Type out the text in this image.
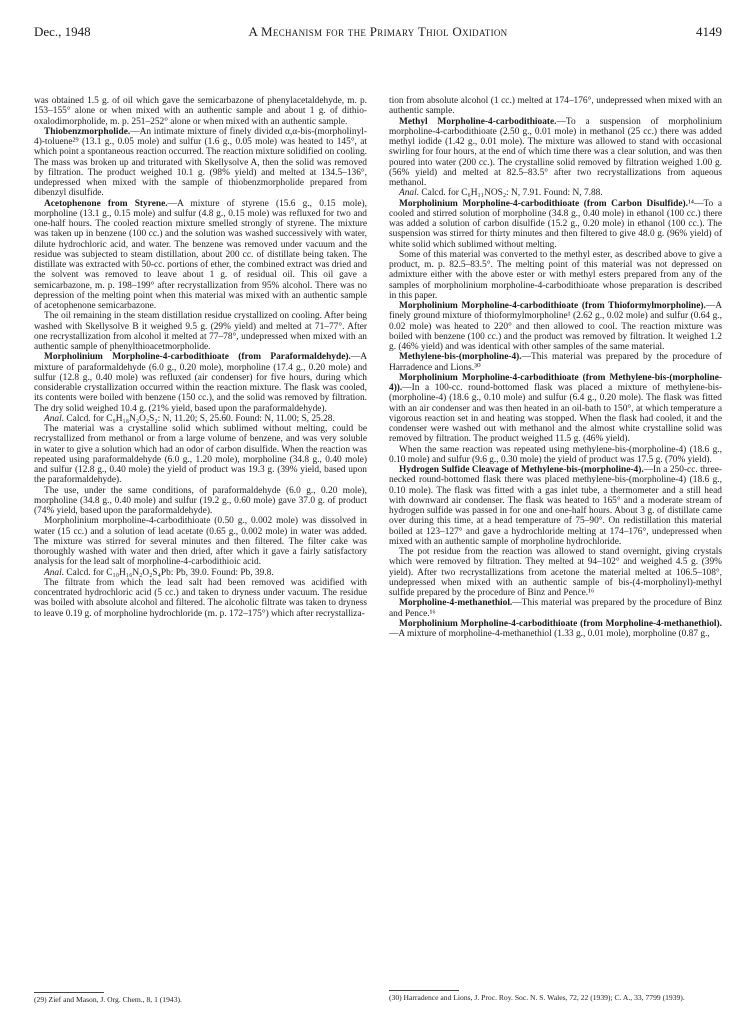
Dec., 1948	A Mechanism for the Primary Thiol Oxidation	4149

was obtained 1.5 g. of oil which gave the semicarbazone of phenylacetaldehyde, m. p. 153–155° alone or when mixed with an authentic sample and about 1 g. of dithio-oxalodimorpholide, m. p. 251–252° alone or when mixed with an authentic sample.

Thiobenzmorpholide.—An intimate mixture of finely divided α,α-bis-(morpholinyl-4)-toluene²⁹ (13.1 g., 0.05 mole) and sulfur (1.6 g., 0.05 mole) was heated to 145°, at which point a spontaneous reaction occurred. The reaction mixture solidified on cooling. The mass was broken up and triturated with Skellysolve A, then the solid was removed by filtration. The product weighed 10.1 g. (98% yield) and melted at 134.5–136°, undepressed when mixed with the sample of thiobenzmorpholide prepared from dibenzyl disulfide.

Acetophenone from Styrene.—A mixture of styrene (15.6 g., 0.15 mole), morpholine (13.1 g., 0.15 mole) and sulfur (4.8 g., 0.15 mole) was refluxed for two and one-half hours. The cooled reaction mixture smelled strongly of styrene. The mixture was taken up in benzene (100 cc.) and the solution was washed successively with water, dilute hydrochloric acid, and water. The benzene was removed under vacuum and the residue was subjected to steam distillation, about 200 cc. of distillate being taken. The distillate was extracted with 50-cc. portions of ether, the combined extract was dried and the solvent was removed to leave about 1 g. of residual oil. This oil gave a semicarbazone, m. p. 198–199° after recrystallization from 95% alcohol. There was no depression of the melting point when this material was mixed with an authentic sample of acetophenone semicarbazone.

The oil remaining in the steam distillation residue crystallized on cooling. After being washed with Skellysolve B it weighed 9.5 g. (29% yield) and melted at 71–77°. After one recrystallization from alcohol it melted at 77–78°, undepressed when mixed with an authentic sample of phenylthioacetmorpholide.

Morpholinium Morpholine-4-carbodithioate (from Paraformaldehyde).—A mixture of paraformaldehyde (6.0 g., 0.20 mole), morpholine (17.4 g., 0.20 mole) and sulfur (12.8 g., 0.40 mole) was refluxed (air condenser) for five hours, during which considerable crystallization occurred within the reaction mixture. The flask was cooled, its contents were boiled with benzene (150 cc.), and the solid was removed by filtration. The dry solid weighed 10.4 g. (21% yield, based upon the paraformaldehyde).

Anal. Calcd. for C₉H₁₈N₂O₂S₂: N, 11.20; S, 25.60. Found: N, 11.00; S, 25.28.

The material was a crystalline solid which sublimed without melting, could be recrystallized from methanol or from a large volume of benzene, and was very soluble in water to give a solution which had an odor of carbon disulfide. When the reaction was repeated using paraformaldehyde (6.0 g., 1.20 mole), morpholine (34.8 g., 0.40 mole) and sulfur (12.8 g., 0.40 mole) the yield of product was 19.3 g. (39% yield, based upon the paraformaldehyde).

The use, under the same conditions, of paraformaldehyde (6.0 g., 0.20 mole), morpholine (34.8 g., 0.40 mole) and sulfur (19.2 g., 0.60 mole) gave 37.0 g. of product (74% yield, based upon the paraformaldehyde).

Morpholinium morpholine-4-carbodithioate (0.50 g., 0.002 mole) was dissolved in water (15 cc.) and a solution of lead acetate (0.65 g., 0.002 mole) in water was added. The mixture was stirred for several minutes and then filtered. The filter cake was thoroughly washed with water and then dried, after which it gave a fairly satisfactory analysis for the lead salt of morpholine-4-carbodithioic acid.

Anal. Calcd. for C₁₀H₁₆N₂O₂S₄Pb: Pb, 39.0. Found: Pb, 39.8.

The filtrate from which the lead salt had been removed was acidified with concentrated hydrochloric acid (5 cc.) and taken to dryness under vacuum. The residue was boiled with absolute alcohol and filtered. The alcoholic filtrate was taken to dryness to leave 0.19 g. of morpholine hydrochloride (m. p. 172–175°) which after recrystalliza-

(29) Zief and Mason, J. Org. Chem., 8, 1 (1943).

tion from absolute alcohol (1 cc.) melted at 174–176°, undepressed when mixed with an authentic sample.

Methyl Morpholine-4-carbodithioate.—To a suspension of morpholinium morpholine-4-carbodithioate (2.50 g., 0.01 mole) in methanol (25 cc.) there was added methyl iodide (1.42 g., 0.01 mole). The mixture was allowed to stand with occasional swirling for four hours, at the end of which time there was a clear solution, and was then poured into water (200 cc.). The crystalline solid removed by filtration weighed 1.00 g. (56% yield) and melted at 82.5–83.5° after two recrystallizations from aqueous methanol.

Anal. Calcd. for C₆H₁₁NOS₂: N, 7.91. Found: N, 7.88.

Morpholinium Morpholine-4-carbodithioate (from Carbon Disulfide).¹⁴—To a cooled and stirred solution of morpholine (34.8 g., 0.40 mole) in ethanol (100 cc.) there was added a solution of carbon disulfide (15.2 g., 0.20 mole) in ethanol (100 cc.). The suspension was stirred for thirty minutes and then filtered to give 48.0 g. (96% yield) of white solid which sublimed without melting.

Some of this material was converted to the methyl ester, as described above to give a product, m. p. 82.5–83.5°. The melting point of this material was not depressed on admixture either with the above ester or with methyl esters prepared from any of the samples of morpholinium morpholine-4-carbodithioate whose preparation is described in this paper.

Morpholinium Morpholine-4-carbodithioate (from Thioformylmorpholine).—A finely ground mixture of thioformylmorpholine¹ (2.62 g., 0.02 mole) and sulfur (0.64 g., 0.02 mole) was heated to 220° and then allowed to cool. The reaction mixture was boiled with benzene (100 cc.) and the product was removed by filtration. It weighed 1.2 g. (46% yield) and was identical with other samples of the same material.

Methylene-bis-(morpholine-4).—This material was prepared by the procedure of Harradence and Lions.³⁰

Morpholinium Morpholine-4-carbodithioate (from Methylene-bis-(morpholine-4)).—In a 100-cc. round-bottomed flask was placed a mixture of methylene-bis-(morpholine-4) (18.6 g., 0.10 mole) and sulfur (6.4 g., 0.20 mole). The flask was fitted with an air condenser and was then heated in an oil-bath to 150°, at which temperature a vigorous reaction set in and heating was stopped. When the flask had cooled, it and the condenser were washed out with methanol and the almost white crystalline solid was removed by filtration. The product weighed 11.5 g. (46% yield).

When the same reaction was repeated using methylene-bis-(morpholine-4) (18.6 g., 0.10 mole) and sulfur (9.6 g., 0.30 mole) the yield of product was 17.5 g. (70% yield).

Hydrogen Sulfide Cleavage of Methylene-bis-(morpholine-4).—In a 250-cc. three-necked round-bottomed flask there was placed methylene-bis-(morpholine-4) (18.6 g., 0.10 mole). The flask was fitted with a gas inlet tube, a thermometer and a still head with downward air condenser. The flask was heated to 165° and a moderate stream of hydrogen sulfide was passed in for one and one-half hours. About 3 g. of distillate came over during this time, at a head temperature of 75–90°. On redistillation this material boiled at 123–127° and gave a hydrochloride melting at 174–176°, undepressed when mixed with an authentic sample of morpholine hydrochloride.

The pot residue from the reaction was allowed to stand overnight, giving crystals which were removed by filtration. They melted at 94–102° and weighed 4.5 g. (39% yield). After two recrystallizations from acetone the material melted at 106.5–108°, undepressed when mixed with an authentic sample of bis-(4-morpholinyl)-methyl sulfide prepared by the procedure of Binz and Pence.¹⁶

Morpholine-4-methanethiol.—This material was prepared by the procedure of Binz and Pence.¹⁶

Morpholinium Morpholine-4-carbodithioate (from Morpholine-4-methanethiol).—A mixture of morpholine-4-methanethiol (1.33 g., 0.01 mole), morpholine (0.87 g.,

(30) Harradence and Lions, J. Proc. Roy. Soc. N. S. Wales, 72, 22 (1939); C. A., 33, 7799 (1939).
